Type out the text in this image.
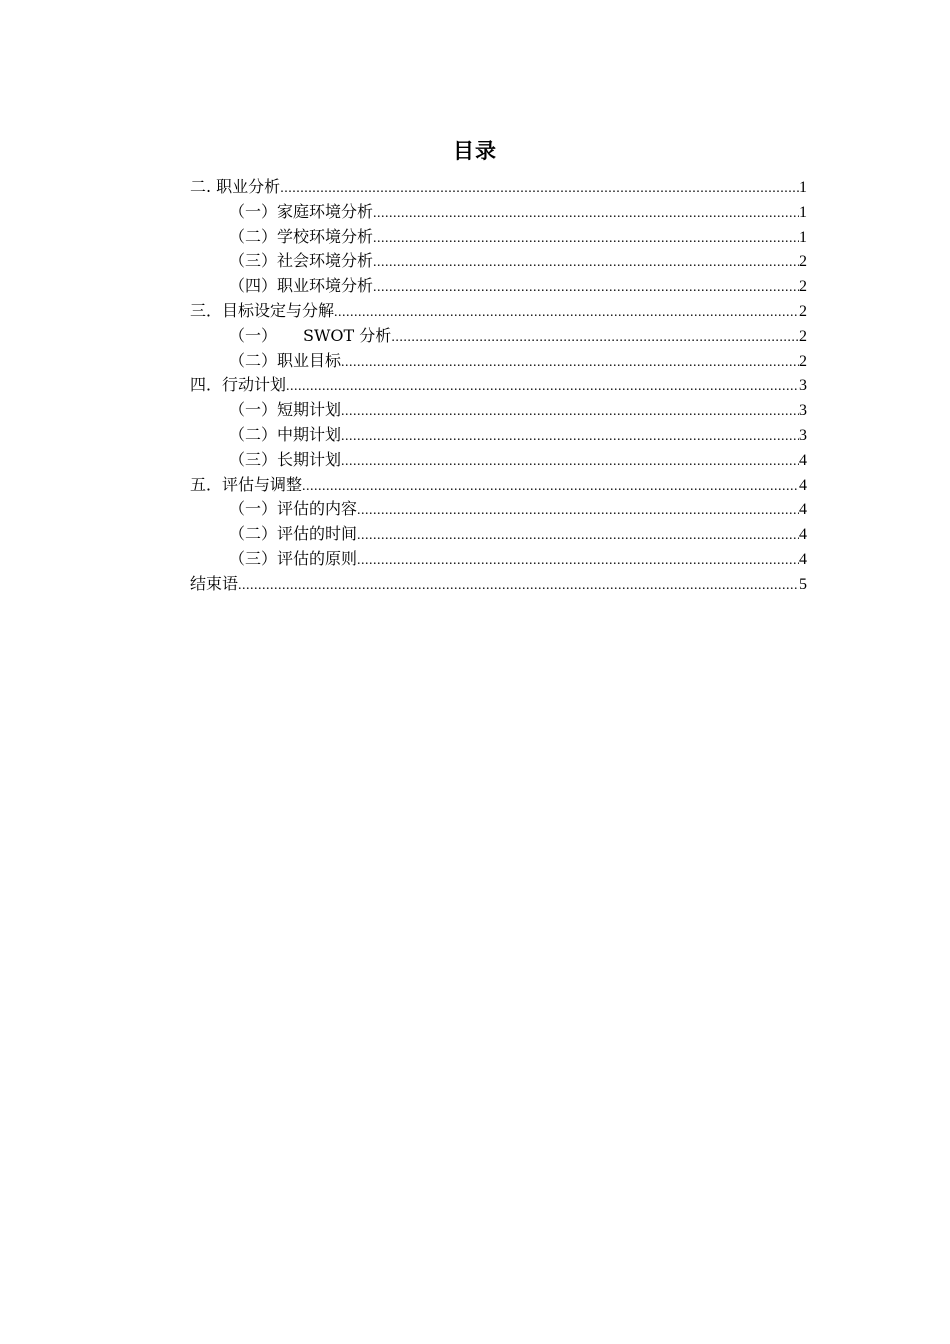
目录
二. 职业分析 .....	1
（一）家庭环境分析 .....	1
（二）学校环境分析 .....	1
（三）社会环境分析 .....	2
（四）职业环境分析 .....	2
三．目标设定与分解 .....	2
（一） SWOT 分析 .....	2
（二）职业目标 .....	2
四．行动计划 .....	3
（一）短期计划 .....	3
（二）中期计划 .....	3
（三）长期计划 .....	4
五．评估与调整 .....	4
（一）评估的内容 .....	4
（二）评估的时间 .....	4
（三）评估的原则 .....	4
结束语 .....	5
